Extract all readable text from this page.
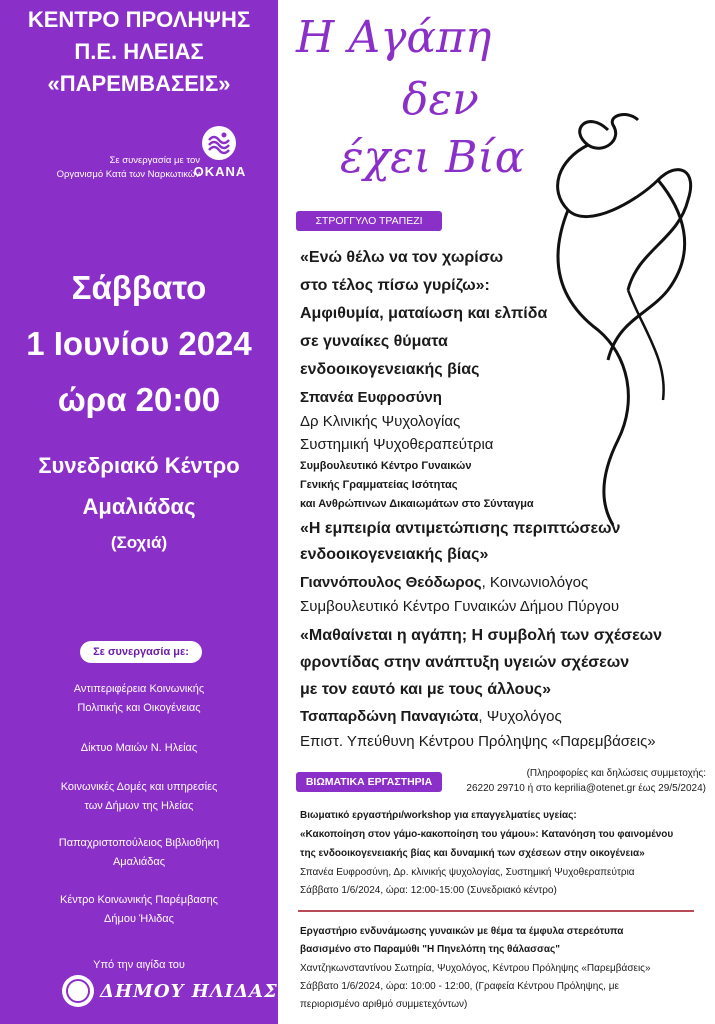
ΚΕΝΤΡΟ ΠΡΟΛΗΨΗΣ
Π.Ε. ΗΛΕΙΑΣ
«ΠΑΡΕΜΒΑΣΕΙΣ»
Σε συνεργασία με τον
Οργανισμό Κατά των Ναρκωτικών
OKANA
Σάββατο
1 Ιουνίου 2024
ώρα 20:00
Συνεδριακό Κέντρο
Αμαλιάδας
(Σοχιά)
Σε συνεργασία με:
Αντιπεριφέρεια Κοινωνικής
Πολιτικής και Οικογένειας
Δίκτυο Μαιών Ν. Ηλείας
Κοινωνικές Δομές και υπηρεσίες
των Δήμων της Ηλείας
Παπαχριστοπούλειος Βιβλιοθήκη
Αμαλιάδας
Κέντρο Κοινωνικής Παρέμβασης
Δήμου Ήλιδας
Υπό την αιγίδα του
ΔΗΜΟΥ ΗΛΙΔΑΣ
Η Αγάπη
δεν
έχει Βία
ΣΤΡΟΓΓΥΛΟ ΤΡΑΠΕΖΙ
«Ενώ θέλω να τον χωρίσω
στο τέλος πίσω γυρίζω»:
Αμφιθυμία, ματαίωση και ελπίδα
σε γυναίκες θύματα
ενδοοικογενειακής βίας
Σπανέα Ευφροσύνη
Δρ Κλινικής Ψυχολογίας
Συστημική Ψυχοθεραπεύτρια
Συμβουλευτικό Κέντρο Γυναικών
Γενικής Γραμματείας Ισότητας
και Ανθρώπινων Δικαιωμάτων στο Σύνταγμα
«Η εμπειρία αντιμετώπισης περιπτώσεων
ενδοοικογενειακής βίας»
Γιαννόπουλος Θεόδωρος, Κοινωνιολόγος
Συμβουλευτικό Κέντρο Γυναικών Δήμου Πύργου
«Μαθαίνεται η αγάπη; Η συμβολή των σχέσεων
φροντίδας στην ανάπτυξη υγειών σχέσεων
με τον εαυτό και με τους άλλους»
Τσαπαρδώνη Παναγιώτα, Ψυχολόγος
Επιστ. Υπεύθυνη Κέντρου Πρόληψης «Παρεμβάσεις»
ΒΙΩΜΑΤΙΚΑ ΕΡΓΑΣΤΗΡΙΑ
(Πληροφορίες και δηλώσεις συμμετοχής:
26220 29710 ή στο keprilia@otenet.gr έως 29/5/2024)
Βιωματικό εργαστήρι/workshop για επαγγελματίες υγείας:
«Κακοποίηση στον γάμο-κακοποίηση του γάμου»: Κατανόηση του φαινομένου
της ενδοοικογενειακής βίας και δυναμική των σχέσεων στην οικογένεια»
Σπανέα Ευφροσύνη, Δρ. κλινικής ψυχολογίας, Συστημική Ψυχοθεραπεύτρια
Σάββατο 1/6/2024, ώρα: 12:00-15:00 (Συνεδριακό κέντρο)
Εργαστήριο ενδυνάμωσης γυναικών με θέμα τα έμφυλα στερεότυπα
βασισμένο στο Παραμύθι "Η Πηνελόπη της θάλασσας"
Χαντζηκωνσταντίνου Σωτηρία, Ψυχολόγος, Κέντρου Πρόληψης «Παρεμβάσεις»
Σάββατο 1/6/2024, ώρα: 10:00 - 12:00, (Γραφεία Κέντρου Πρόληψης, με
περιορισμένο αριθμό συμμετεχόντων)
